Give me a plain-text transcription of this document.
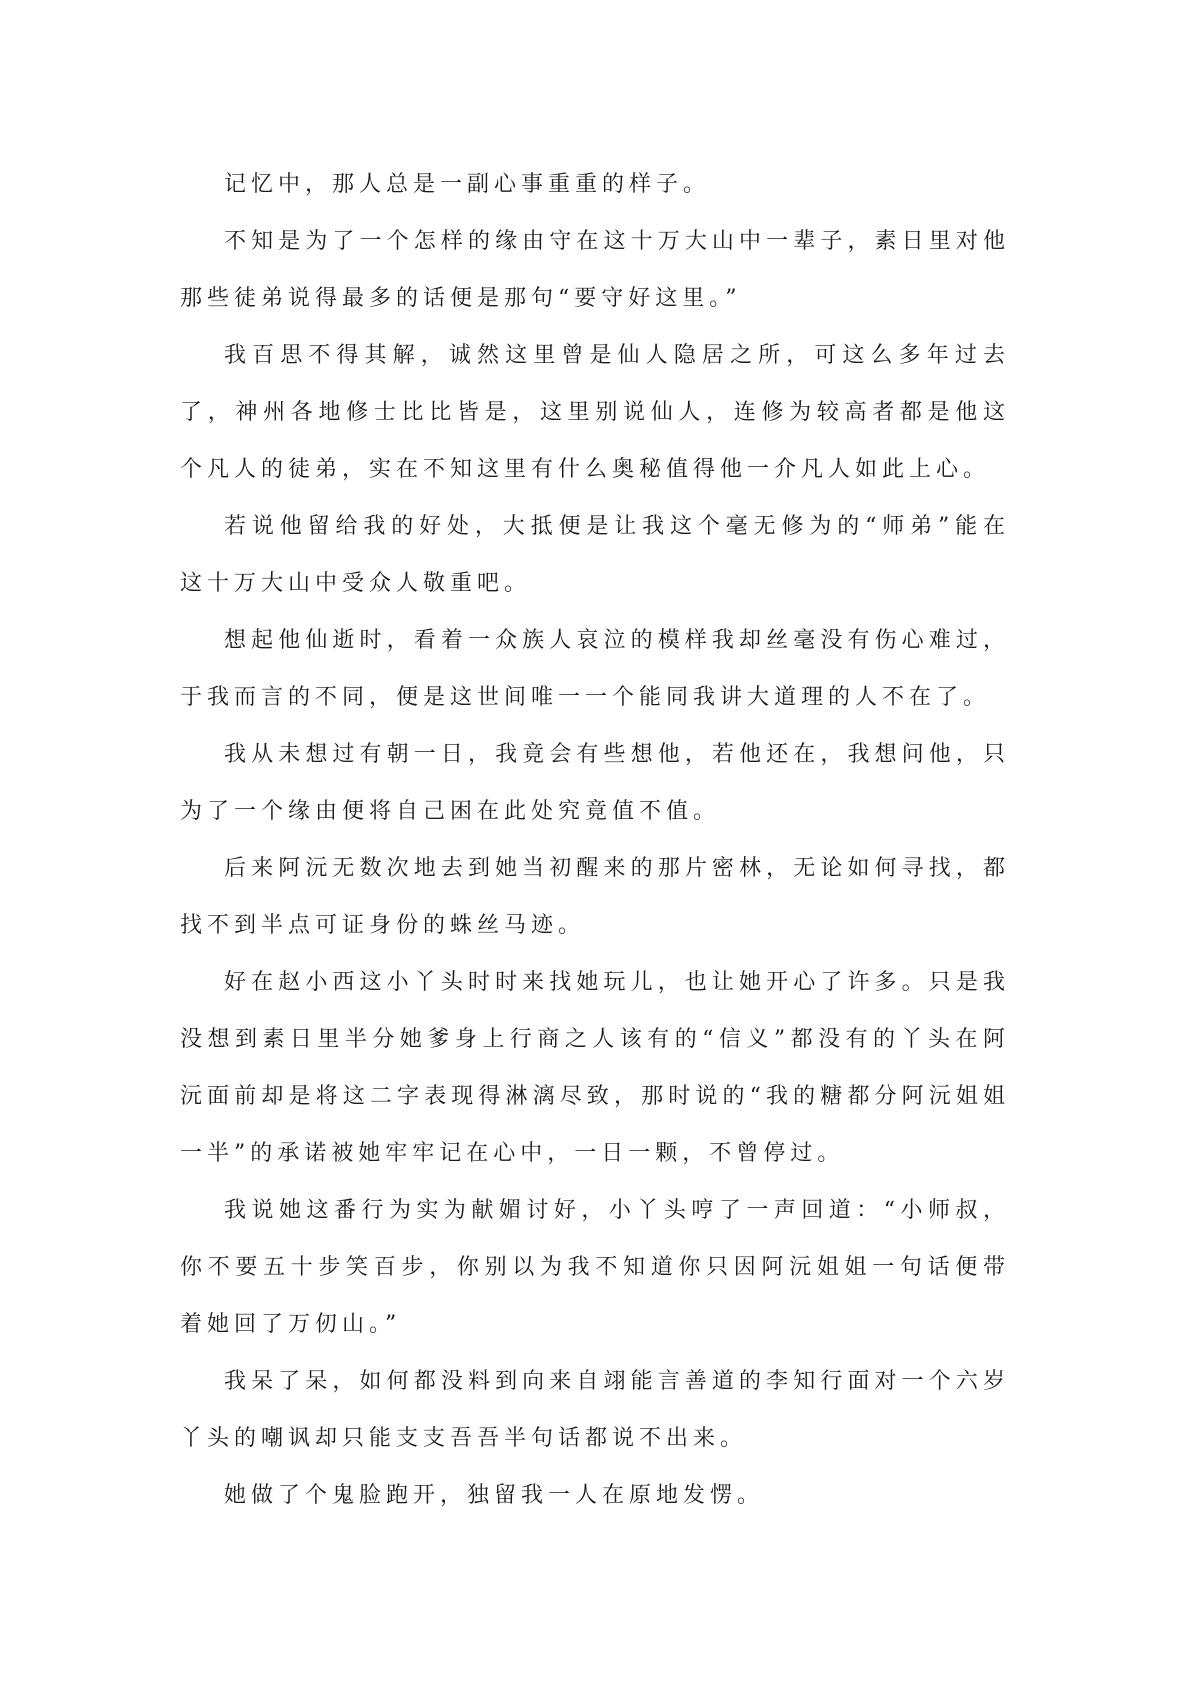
记忆中，那人总是一副心事重重的样子。

不知是为了一个怎样的缘由守在这十万大山中一辈子，素日里对他那些徒弟说得最多的话便是那句“要守好这里。”

我百思不得其解，诚然这里曾是仙人隐居之所，可这么多年过去了，神州各地修士比比皆是，这里别说仙人，连修为较高者都是他这个凡人的徒弟，实在不知这里有什么奥秘值得他一介凡人如此上心。

若说他留给我的好处，大抵便是让我这个毫无修为的“师弟”能在这十万大山中受众人敬重吧。

想起他仙逝时，看着一众族人哀泣的模样我却丝毫没有伤心难过，于我而言的不同，便是这世间唯一一个能同我讲大道理的人不在了。

我从未想过有朝一日，我竟会有些想他，若他还在，我想问他，只为了一个缘由便将自己困在此处究竟值不值。

后来阿沅无数次地去到她当初醒来的那片密林，无论如何寻找，都找不到半点可证身份的蛛丝马迹。

好在赵小西这小丫头时时来找她玩儿，也让她开心了许多。只是我没想到素日里半分她爹身上行商之人该有的“信义”都没有的丫头在阿沅面前却是将这二字表现得淋漓尽致，那时说的“我的糖都分阿沅姐姐一半”的承诺被她牢牢记在心中，一日一颗，不曾停过。

我说她这番行为实为献媚讨好，小丫头哼了一声回道：“小师叔，你不要五十步笑百步，你别以为我不知道你只因阿沅姐姐一句话便带着她回了万仞山。”

我呆了呆，如何都没料到向来自翊能言善道的李知行面对一个六岁丫头的嘲讽却只能支支吾吾半句话都说不出来。

她做了个鬼脸跑开，独留我一人在原地发愣。
